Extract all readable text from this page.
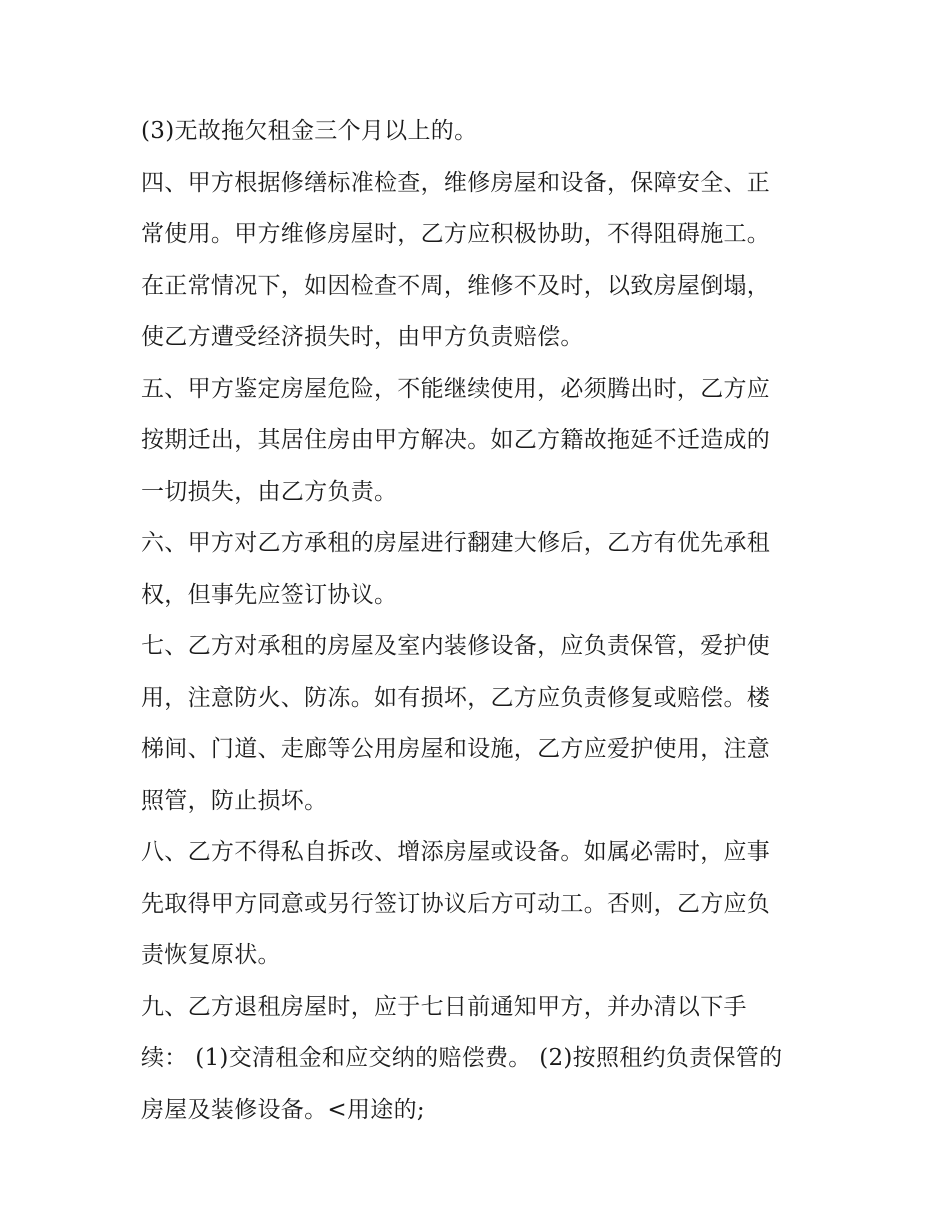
(3)无故拖欠租金三个月以上的。
四、甲方根据修缮标准检查，维修房屋和设备，保障安全、正
常使用。甲方维修房屋时，乙方应积极协助，不得阻碍施工。
在正常情况下，如因检查不周，维修不及时，以致房屋倒塌，
使乙方遭受经济损失时，由甲方负责赔偿。
五、甲方鉴定房屋危险，不能继续使用，必须腾出时，乙方应
按期迁出，其居住房由甲方解决。如乙方籍故拖延不迁造成的
一切损失，由乙方负责。
六、甲方对乙方承租的房屋进行翻建大修后，乙方有优先承租
权，但事先应签订协议。
七、乙方对承租的房屋及室内装修设备，应负责保管，爱护使
用，注意防火、防冻。如有损坏，乙方应负责修复或赔偿。楼
梯间、门道、走廊等公用房屋和设施，乙方应爱护使用，注意
照管，防止损坏。
八、乙方不得私自拆改、增添房屋或设备。如属必需时，应事
先取得甲方同意或另行签订协议后方可动工。否则，乙方应负
责恢复原状。
九、乙方退租房屋时，应于七日前通知甲方，并办清以下手
续： (1)交清租金和应交纳的赔偿费。 (2)按照租约负责保管的
房屋及装修设备。<用途的;
